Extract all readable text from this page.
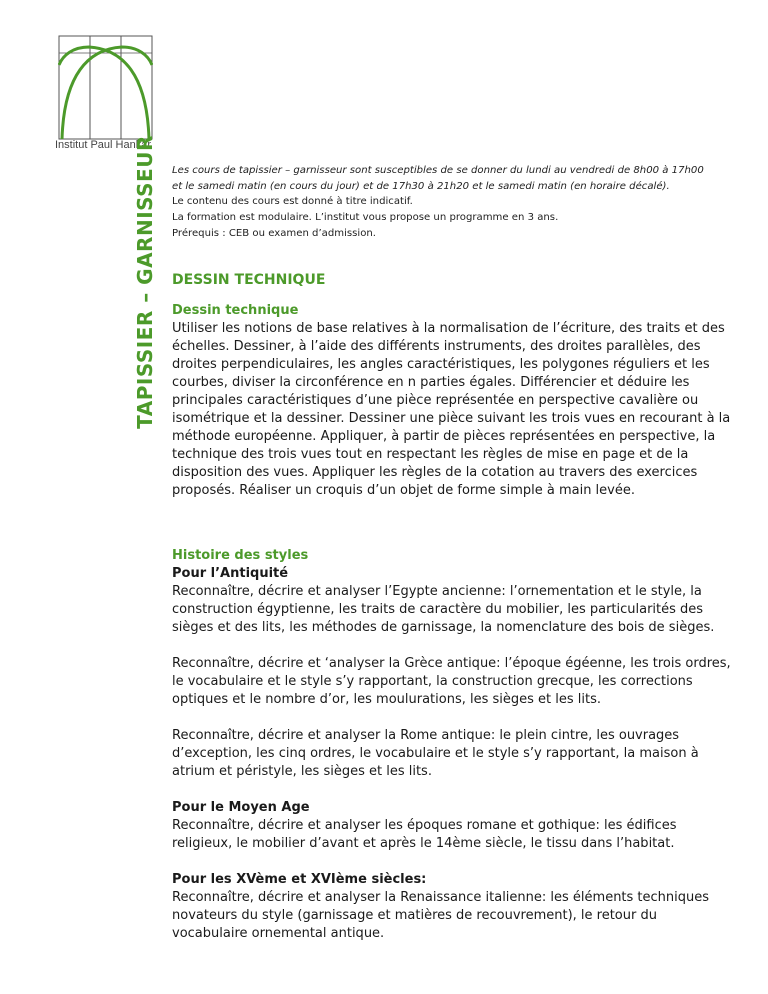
Institut Paul Hankar
TAPISSIER – GARNISSEUR Les cours de tapissier – garnisseur sont susceptibles de se donner du lundi au vendredi de 8h00 à 17h00
et le samedi matin (en cours du jour) et de 17h30 à 21h20 et le samedi matin (en horaire décalé).
Le contenu des cours est donné à titre indicatif.
La formation est modulaire. L’institut vous propose un programme en 3 ans.
Prérequis : CEB ou examen d’admission.
DESSIN TECHNIQUE
Dessin technique
Utiliser les notions de base relatives à la normalisation de l’écriture, des traits et des échelles. Dessiner, à l’aide des différents instruments, des droites parallèles, des droites perpendiculaires, les angles caractéristiques, les polygones réguliers et les courbes, diviser la circonférence en n parties égales. Différencier et déduire les principales caractéristiques d’une pièce représentée en perspective cavalière ou isométrique et la dessiner. Dessiner une pièce suivant les trois vues en recourant à la méthode européenne. Appliquer, à partir de pièces représentées en perspective, la technique des trois vues tout en respectant les règles de mise en page et de la disposition des vues. Appliquer les règles de la cotation au travers des exercices proposés. Réaliser un croquis d’un objet de forme simple à main levée.
Histoire des styles
Pour l’Antiquité
Reconnaître, décrire et analyser l’Egypte ancienne: l’ornementation et le style, la construction égyptienne, les traits de caractère du mobilier, les particularités des sièges et des lits, les méthodes de garnissage, la nomenclature des bois de sièges.
Reconnaître, décrire et ‘analyser la Grèce antique: l’époque égéenne, les trois ordres, le vocabulaire et le style s’y rapportant, la construction grecque, les corrections optiques et le nombre d’or, les moulurations, les sièges et les lits.
Reconnaître, décrire et analyser la Rome antique: le plein cintre, les ouvrages d’exception, les cinq ordres, le vocabulaire et le style s’y rapportant, la maison à atrium et péristyle, les sièges et les lits.
Pour le Moyen Age
Reconnaître, décrire et analyser les époques romane et gothique: les édifices religieux, le mobilier d’avant et après le 14ème siècle, le tissu dans l’habitat.
Pour les XVème et XVIème siècles:
Reconnaître, décrire et analyser la Renaissance italienne: les éléments techniques novateurs du style (garnissage et matières de recouvrement), le retour du vocabulaire ornemental antique.
